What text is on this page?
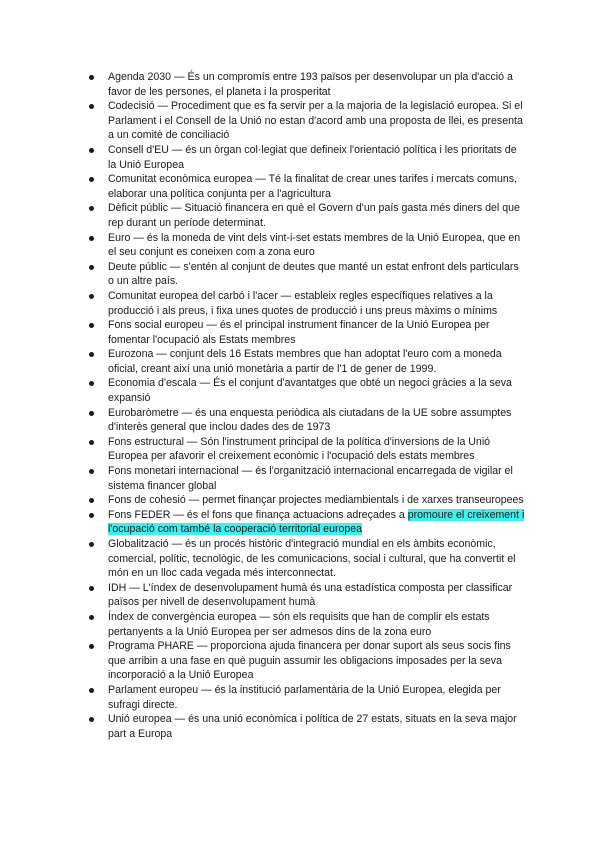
Agenda 2030 — És un compromís entre 193 països per desenvolupar un pla d'acció a favor de les persones, el planeta i la prosperitat
Codecisió — Procediment que es fa servir per a la majoria de la legislació europea. Si el Parlament i el Consell de la Unió no estan d'acord amb una proposta de llei, es presenta a un comitè de conciliació
Consell d'EU — és un òrgan col·legiat que defineix l'orientació política i les prioritats de la Unió Europea
Comunitat econòmica europea — Té la finalitat de crear unes tarifes i mercats comuns, elaborar una política conjunta per a l'agricultura
Dèficit públic — Situació financera en què el Govern d'un país gasta més diners del que rep durant un període determinat.
Euro — és la moneda de vint dels vint-i-set estats membres de la Unió Europea, que en el seu conjunt es coneixen com a zona euro
Deute públic — s'entén al conjunt de deutes que manté un estat enfront dels particulars o un altre país.
Comunitat europea del carbó i l'acer — estableix regles específiques relatives a la producció i als preus, i fixa unes quotes de producció i uns preus màxims o mínims
Fons social europeu — és el principal instrument financer de la Unió Europea per fomentar l'ocupació als Estats membres
Eurozona — conjunt dels 16 Estats membres que han adoptat l'euro com a moneda oficial, creant així una unió monetària a partir de l'1 de gener de 1999.
Economia d'escala — És el conjunt d'avantatges que obté un negoci gràcies a la seva expansió
Eurobaròmetre — és una enquesta periòdica als ciutadans de la UE sobre assumptes d'interès general que inclou dades des de 1973
Fons estructural — Són l'instrument principal de la política d'inversions de la Unió Europea per afavorir el creixement econòmic i l'ocupació dels estats membres
Fons monetari internacional — és l'organització internacional encarregada de vigilar el sistema financer global
Fons de cohesió — permet finançar projectes mediambientals i de xarxes transeuropees
Fons FEDER — és el fons que finança actuacions adreçades a promoure el creixement i l'ocupació com també la cooperació territorial europea
Globalització — és un procés històric d'integració mundial en els àmbits econòmic, comercial, polític, tecnològic, de les comunicacions, social i cultural, que ha convertit el món en un lloc cada vegada més interconnectat.
IDH — L'índex de desenvolupament humà és una estadística composta per classificar països per nivell de desenvolupament humà
Índex de convergència europea — són els requisits que han de complir els estats pertanyents a la Unió Europea per ser admesos dins de la zona euro
Programa PHARE — proporciona ajuda financera per donar suport als seus socis fins que arribin a una fase en què puguin assumir les obligacions imposades per la seva incorporació a la Unió Europea
Parlament europeu — és la institució parlamentària de la Unió Europea, elegida per sufragi directe.
Unió europea — és una unió econòmica i política de 27 estats, situats en la seva major part a Europa
